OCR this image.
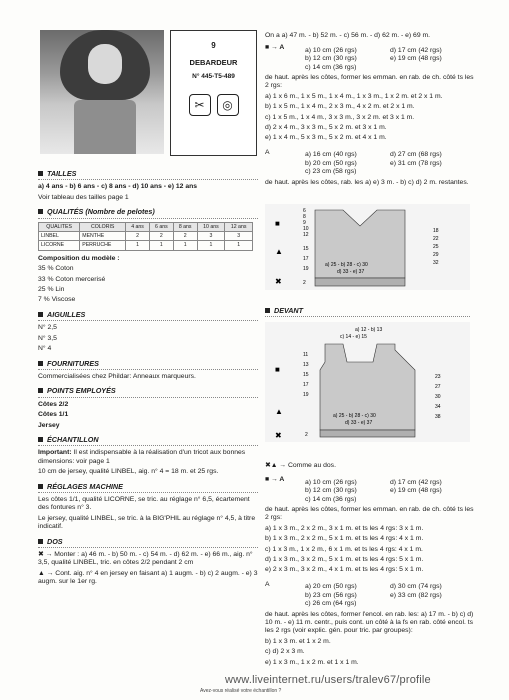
9
DEBARDEUR
N° 445-T5-489
✂	◎
TAILLES
a) 4 ans - b) 6 ans - c) 8 ans - d) 10 ans - e) 12 ans
Voir tableau des tailles page 1
QUALITÉS (Nombre de pelotes)
QUALITES	COLORIS	4 ans	6 ans	8 ans	10 ans	12 ans
LINBEL	MENTHE	2	2	2	3	3
LICORNE	PERRUCHE	1	1	1	1	1
Composition du modèle :
35 % Coton
33 % Coton mercerisé
25 % Lin
7 % Viscose
AIGUILLES
N° 2,5
N° 3,5
N° 4
FOURNITURES
Commercialisées chez Phildar: Anneaux marqueurs.
POINTS EMPLOYÉS
Côtes 2/2
Côtes 1/1
Jersey
ÉCHANTILLON
Important: Il est indispensable à la réalisation d'un tricot aux bonnes dimensions: voir page 1
10 cm de jersey, qualité LINBEL, aig. n° 4 = 18 m. et 25 rgs.
RÉGLAGES MACHINE
Les côtes 1/1, qualité LICORNE, se tric. au réglage n° 6,5, écartement des fontures n° 3.
Le jersey, qualité LINBEL, se tric. à la BIG'PHIL au réglage n° 4,5, à titre indicatif.
DOS
✖ → Monter : a) 46 m. - b) 50 m. - c) 54 m. - d) 62 m. - e) 66 m., aig. n° 3,5, qualité LINBEL, tric. en côtes 2/2 pendant 2 cm
▲ → Cont. aig. n° 4 en jersey en faisant a) 1 augm. - b) c) 2 augm. - e) 3 augm. sur le 1er rg.
On a a) 47 m. - b) 52 m. - c) 56 m. - d) 62 m. - e) 69 m.
■ → A	a) 10 cm (26 rgs)	d) 17 cm (42 rgs)
b) 12 cm (30 rgs)	e) 19 cm (48 rgs)
c) 14 cm (36 rgs)
de haut. après les côtes, former les emman. en rab. de ch. côté ts les 2 rgs:
a) 1 x 6 m., 1 x 5 m., 1 x 4 m., 1 x 3 m., 1 x 2 m. et 2 x 1 m.
b) 1 x 5 m., 1 x 4 m., 2 x 3 m., 4 x 2 m. et 2 x 1 m.
c) 1 x 5 m., 1 x 4 m., 3 x 3 m., 3 x 2 m. et 3 x 1 m.
d) 2 x 4 m., 3 x 3 m., 5 x 2 m. et 3 x 1 m.
e) 1 x 4 m., 5 x 3 m., 5 x 2 m. et 4 x 1 m.
A	a) 16 cm (40 rgs)	d) 27 cm (68 rgs)
b) 20 cm (50 rgs)	e) 31 cm (78 rgs)
c) 23 cm (58 rgs)
de haut. après les côtes, rab. les a) e) 3 m. - b) c) d) 2 m. restantes.
■
▲
✖
6
8
9
10
12
15
17
19
2
18
22
25
29
32
a) 25 - b) 28 - c) 30
d) 33 - e) 37
DEVANT
a) 12 - b) 13
c) 14 - e) 15
■
▲
✖
11
13
15
17
19
2
23
27
30
34
38
a) 25 - b) 28 - c) 30
d) 33 - e) 37
✖▲ → Comme au dos.
■ → A	a) 10 cm (26 rgs)	d) 17 cm (42 rgs)
b) 12 cm (30 rgs)	e) 19 cm (48 rgs)
c) 14 cm (36 rgs)
de haut. après les côtes, former les emman. en rab. de ch. côté ts les 2 rgs:
a) 1 x 3 m., 2 x 2 m., 3 x 1 m. et ts les 4 rgs: 3 x 1 m.
b) 1 x 3 m., 2 x 2 m., 5 x 1 m. et ts les 4 rgs: 4 x 1 m.
c) 1 x 3 m., 1 x 2 m., 6 x 1 m. et ts les 4 rgs: 4 x 1 m.
d) 1 x 3 m., 3 x 2 m., 5 x 1 m. et ts les 4 rgs: 5 x 1 m.
e) 2 x 3 m., 3 x 2 m., 4 x 1 m. et ts les 4 rgs: 5 x 1 m.
A	a) 20 cm (50 rgs)	d) 30 cm (74 rgs)
b) 23 cm (56 rgs)	e) 33 cm (82 rgs)
c) 26 cm (64 rgs)
de haut. après les côtes, former l'encol. en rab. les: a) 17 m. - b) c) d) 10 m. - e) 11 m. centr., puis cont. un côté à la fs en rab. côté encol. ts les 2 rgs (voir explic. gén. pour tric. par groupes):
b) 1 x 3 m. et 1 x 2 m.
c) d) 2 x 3 m.
e) 1 x 3 m., 1 x 2 m. et 1 x 1 m.
Avez-vous réalisé votre échantillon ?
www.liveinternet.ru/users/tralev67/profile
